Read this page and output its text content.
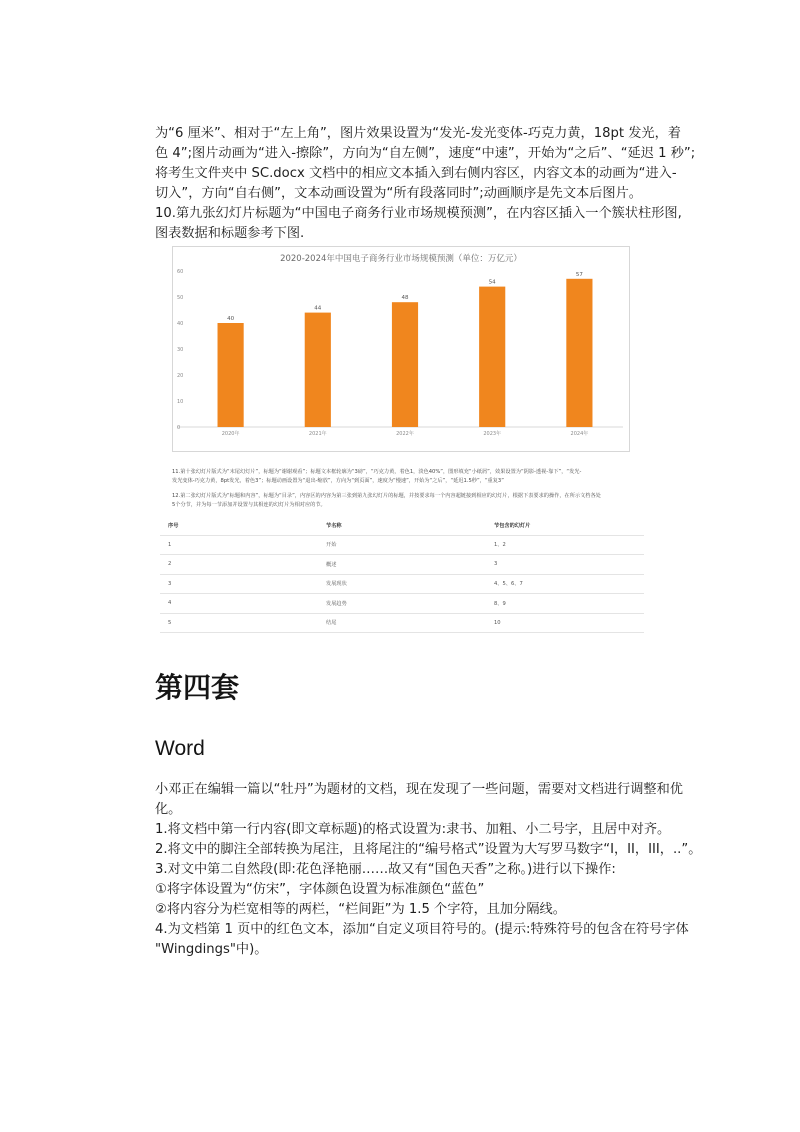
为“6 厘米”、相对于“左上角”，图片效果设置为“发光-发光变体-巧克力黄，18pt 发光，着
色 4”;图片动画为“进入-擦除”，方向为“自左侧”，速度“中速”，开始为“之后”、“延迟 1 秒”;
将考生文件夹中 SC.docx 文档中的相应文本插入到右侧内容区，内容文本的动画为“进入-
切入”，方向“自右侧”，文本动画设置为“所有段落同时”;动画顺序是先文本后图片。
10.第九张幻灯片标题为“中国电子商务行业市场规模预测”，在内容区插入一个簇状柱形图,
图表数据和标题参考下图.
2020-2024年中国电子商务行业市场规模预测（单位：万亿元）
0
10
20
30
40
50
60
40
44
48
54
57
2020年	2021年	2022年	2023年	2024年
11.第十张幻灯片版式为“末尾幻灯片”，标题为“谢谢观看”；标题文本框轮廓为“3磅”，“巧克力黄，着色1，淡色40%”，图形填充“小纸屑”，效果设置为“阴影-透视-靠下”，“发光-
发光变体-巧克力黄，8pt发光，着色3”；标题动画设置为“退出-缩放”，方向为“到页面”，速度为“慢速”，开始为“之后”，“延迟1.5秒”，“重复3”
12.第二张幻灯片版式为“标题和内容”，标题为“目录”，内容区的内容为第三张到第九张幻灯片的标题，并按要求每一个内容超链接到相应的幻灯片，根据下表要求的操作，在所示文档各处
5个分节，并为每一节添加并设置与其相连的幻灯片为相对应的节。
序号	节名称	节包含的幻灯片
1	开始	1、2
2	概述	3
3	发展现状	4、5、6、7
4	发展趋势	8、9
5	结尾	10
第四套
Word
小邓正在编辑一篇以“牡丹”为题材的文档，现在发现了一些问题，需要对文档进行调整和优
化。
1.将文档中第一行内容(即文章标题)的格式设置为:隶书、加粗、小二号字，且居中对齐。
2.将文中的脚注全部转换为尾注，且将尾注的“编号格式”设置为大写罗马数字“I，II，III，..”。
3.对文中第二自然段(即:花色泽艳丽……故又有“国色天香”之称。)进行以下操作:
①将字体设置为“仿宋”，字体颜色设置为标准颜色“蓝色”
②将内容分为栏宽相等的两栏，“栏间距”为 1.5 个字符，且加分隔线。
4.为文档第 1 页中的红色文本，添加“自定义项目符号的。(提示:特殊符号的包含在符号字体
"Wingdings"中)。
